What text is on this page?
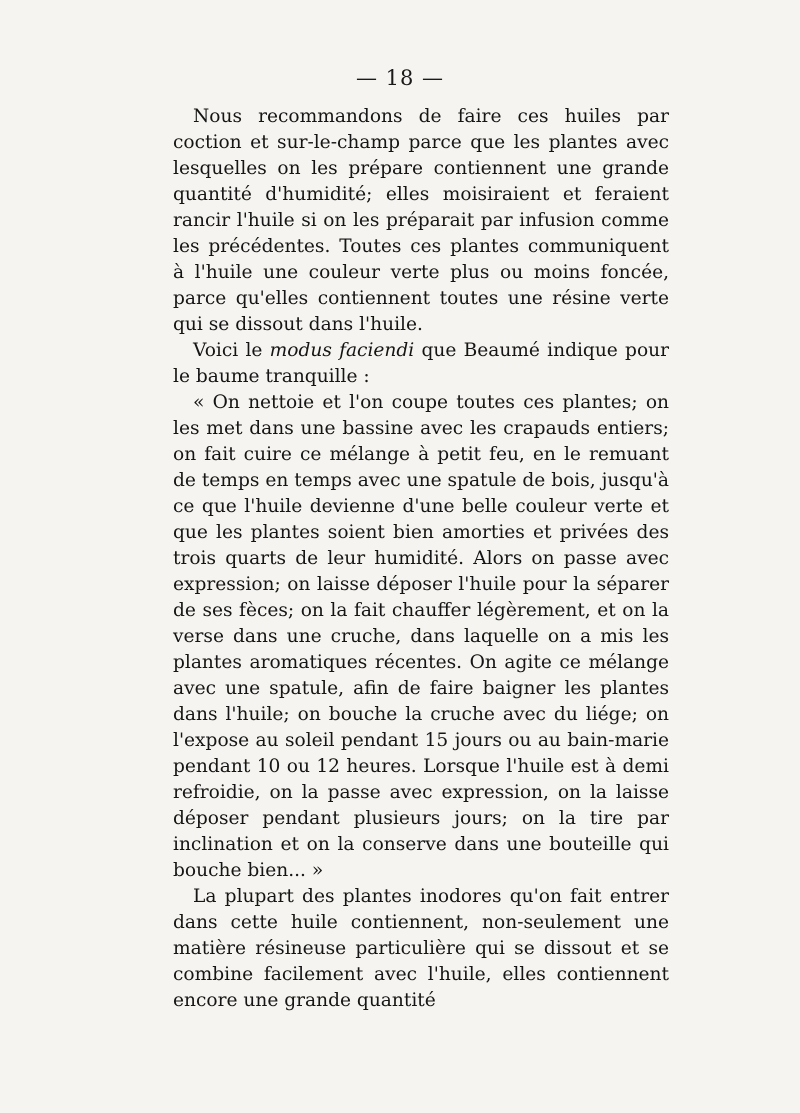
— 18 —

Nous recommandons de faire ces huiles par coction et sur-le-champ parce que les plantes avec lesquelles on les prépare contiennent une grande quantité d'humidité; elles moisiraient et feraient rancir l'huile si on les préparait par infusion comme les précédentes. Toutes ces plantes communiquent à l'huile une couleur verte plus ou moins foncée, parce qu'elles contiennent toutes une résine verte qui se dissout dans l'huile.

Voici le modus faciendi que Beaumé indique pour le baume tranquille :

« On nettoie et l'on coupe toutes ces plantes; on les met dans une bassine avec les crapauds entiers; on fait cuire ce mélange à petit feu, en le remuant de temps en temps avec une spatule de bois, jusqu'à ce que l'huile devienne d'une belle couleur verte et que les plantes soient bien amorties et privées des trois quarts de leur humidité. Alors on passe avec expression; on laisse déposer l'huile pour la séparer de ses fèces; on la fait chauffer légèrement, et on la verse dans une cruche, dans laquelle on a mis les plantes aromatiques récentes. On agite ce mélange avec une spatule, afin de faire baigner les plantes dans l'huile; on bouche la cruche avec du liége; on l'expose au soleil pendant 15 jours ou au bain-marie pendant 10 ou 12 heures. Lorsque l'huile est à demi refroidie, on la passe avec expression, on la laisse déposer pendant plusieurs jours; on la tire par inclination et on la conserve dans une bouteille qui bouche bien... »

La plupart des plantes inodores qu'on fait entrer dans cette huile contiennent, non-seulement une matière résineuse particulière qui se dissout et se combine facilement avec l'huile, elles contiennent encore une grande quantité
